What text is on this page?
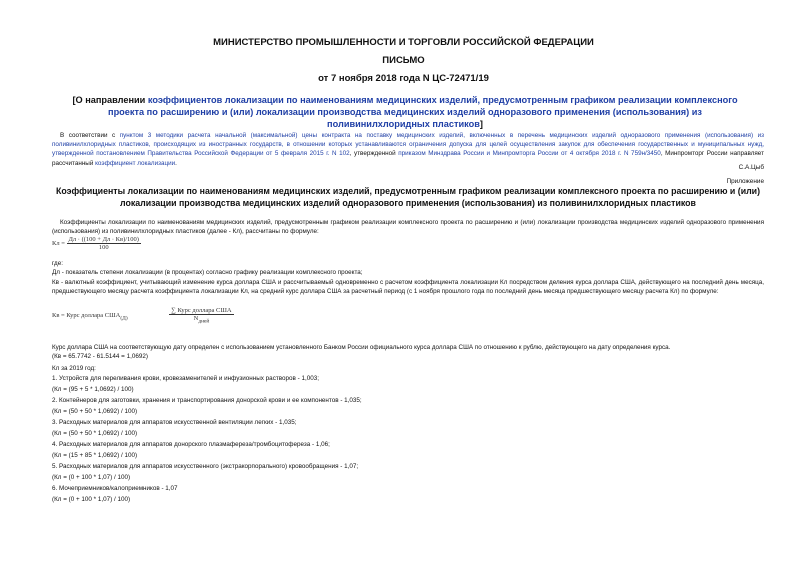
МИНИСТЕРСТВО ПРОМЫШЛЕННОСТИ И ТОРГОВЛИ РОССИЙСКОЙ ФЕДЕРАЦИИ
ПИСЬМО
от 7 ноября 2018 года N ЦС-72471/19
[О направлении коэффициентов локализации по наименованиям медицинских изделий, предусмотренным графиком реализации комплексного проекта по расширению и (или) локализации производства медицинских изделий одноразового применения (использования) из поливинилхлоридных пластиков]
В соответствии с пунктом 3 методики расчета начальной (максимальной) цены контракта на поставку медицинских изделий, включенных в перечень медицинских изделий одноразового применения (использования) из поливинилхлоридных пластиков, происходящих из иностранных государств, в отношении которых устанавливаются ограничения допуска для целей осуществления закупок для обеспечения государственных и муниципальных нужд, утвержденной постановлением Правительства Российской Федерации от 5 февраля 2015 г. N 102, утвержденной приказом Минздрава России и Минпромторга России от 4 октября 2018 г. N 759н/3450, Минпромторг России направляет рассчитанный коэффициент локализации.
С.А.Цыб
Приложение
Коэффициенты локализации по наименованиям медицинских изделий, предусмотренным графиком реализации комплексного проекта по расширению и (или) локализации производства медицинских изделий одноразового применения (использования) из поливинилхлоридных пластиков
Коэффициенты локализации по наименованиям медицинских изделий, предусмотренным графиком реализации комплексного проекта по расширению и (или) локализации производства медицинских изделий одноразового применения (использования) из поливинилхлоридных пластиков (далее - Кл), рассчитаны по формуле:
Кл = $\frac{Дл \cdot ((100 + Дл \cdot Кв)/100)}{100}$
где:
Дл - показатель степени локализации (в процентах) согласно графику реализации комплексного проекта;
Кв - валютный коэффициент, учитывающий изменение курса доллара США и рассчитываемый одновременно с расчетом коэффициента локализации Кл посредством деления курса доллара США, действующего на последний день месяца, предшествующего месяцу расчета коэффициента локализации Кл, на средний курс доллара США за расчетный период (с 1 ноября прошлого года по последний день месяца предшествующего месяцу расчета Кл) по формуле:
Кв = Курс доллара $США_{(Д)}$	$\frac{\text{∑ Курс доллара США}}{N_{дней}}$
Курс доллара США на соответствующую дату определен с использованием установленного Банком России официального курса доллара США по отношению к рублю, действующего на дату определения курса.
(Кв = 65.7742 - 61.5144 = 1,0692)
Кл за 2019 год:
1. Устройств для переливания крови, кровезаменителей и инфузионных растворов - 1,003;
(Кл = (95 + 5 * 1,0692) / 100)
2. Контейнеров для заготовки, хранения и транспортирования донорской крови и ее компонентов - 1,035;
(Кл = (50 + 50 * 1,0692) / 100)
3. Расходных материалов для аппаратов искусственной вентиляции легких - 1,035;
(Кл = (50 + 50 * 1,0692) / 100)
4. Расходных материалов для аппаратов донорского плазмафереза/тромбоцитофереза - 1,06;
(Кл = (15 + 85 * 1,0692) / 100)
5. Расходных материалов для аппаратов искусственного (экстракорпорального) кровообращения - 1,07;
(Кл = (0 + 100 * 1,07) / 100)
6. Мочеприемников/калоприемников - 1,07
(Кл = (0 + 100 * 1,07) / 100)
